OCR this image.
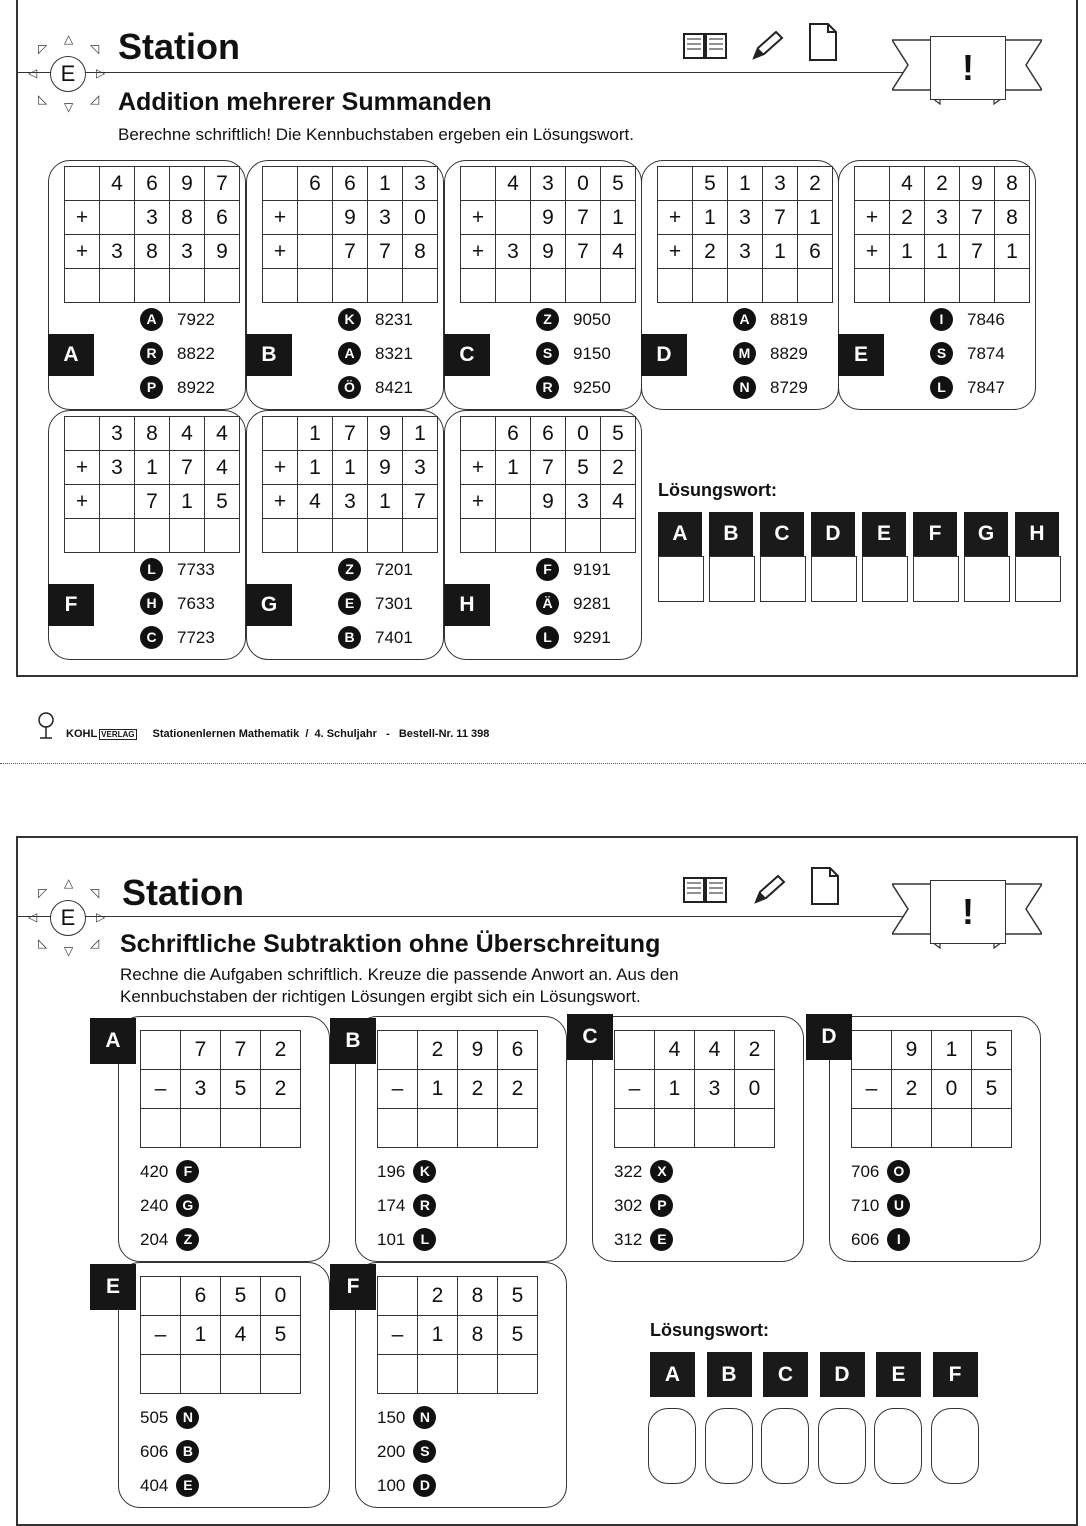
△
▽
◁	▷
◸	◹
◺	◿
E
Station
!
Addition mehrerer Summanden
Berechne schriftlich! Die Kennbuchstaben ergeben ein Lösungswort.
	4	6	9	7
+		3	8	6
+	3	8	3	9

A
A	7922
R	8822
P	8922
	6	6	1	3
+		9	3	0
+		7	7	8

B
K	8231
A	8321
Ö	8421
	4	3	0	5
+		9	7	1
+	3	9	7	4

C
Z	9050
S	9150
R	9250
	5	1	3	2
+	1	3	7	1
+	2	3	1	6

D
A	8819
M	8829
N	8729
	4	2	9	8
+	2	3	7	8
+	1	1	7	1

E
I	7846
S	7874
L	7847
	3	8	4	4
+	3	1	7	4
+		7	1	5

F
L	7733
H	7633
C	7723
	1	7	9	1
+	1	1	9	3
+	4	3	1	7

G
Z	7201
E	7301
B	7401
	6	6	0	5
+	1	7	5	2
+		9	3	4

H
F	9191
Ä	9281
L	9291
Lösungswort:
A	B	C	D	E	F	G	H
KOHL VERLAG Stationenlernen Mathematik  /  4. Schuljahr   -   Bestell-Nr. 11 398
△
▽
◁	▷
◸	◹
◺	◿
E
Station	!
Schriftliche Subtraktion ohne Überschreitung
Rechne die Aufgaben schriftlich. Kreuze die passende Anwort an. Aus den
Kennbuchstaben der richtigen Lösungen ergibt sich ein Lösungswort.
	7	7	2
–	3	5	2

A
420	F
240	G
204	Z
	2	9	6
–	1	2	2

B
196	K
174	R
101	L
	4	4	2
–	1	3	0

C
322	X
302	P
312	E
	9	1	5
–	2	0	5

D
706	O
710	U
606	I
	6	5	0
–	1	4	5

E
505	N
606	B
404	E
	2	8	5
–	1	8	5

F
150	N
200	S
100	D
Lösungswort:
A	B	C	D	E	F
